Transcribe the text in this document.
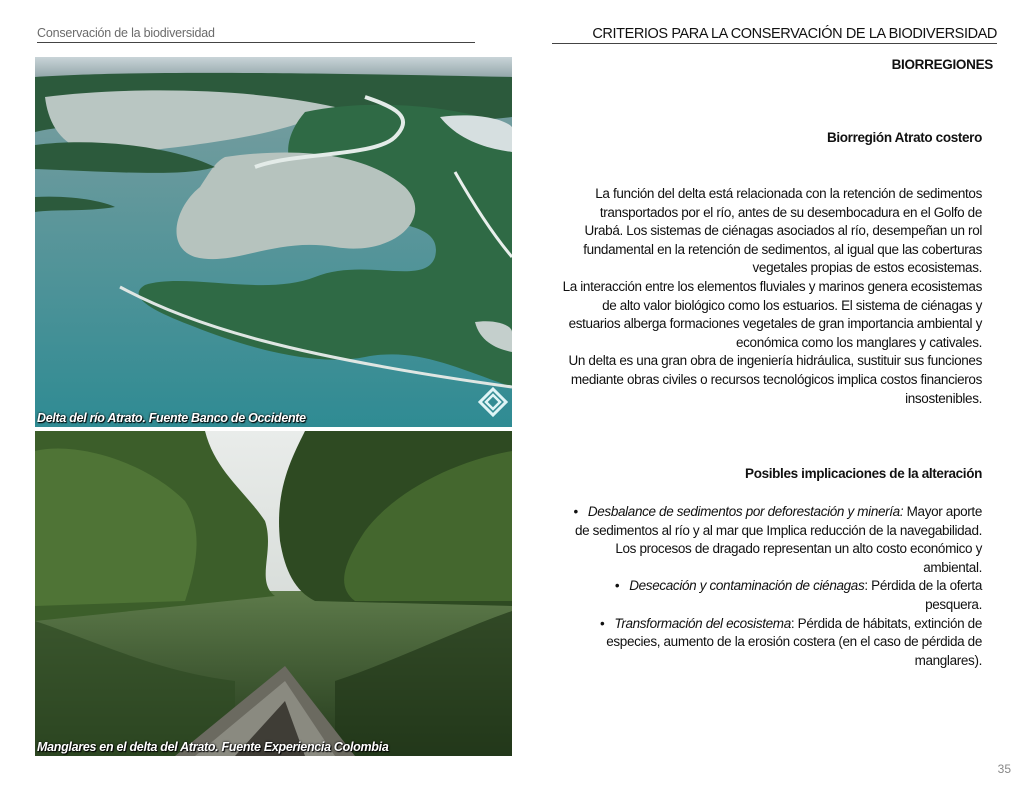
Conservación de la biodiversidad	CRITERIOS PARA LA CONSERVACIÓN DE LA BIODIVERSIDAD
BIORREGIONES
Delta del río Atrato. Fuente Banco de Occidente
Manglares en el delta del Atrato. Fuente Experiencia Colombia
Biorregión Atrato costero
La función del delta está relacionada con la retención de sedimentos transportados por el río, antes de su desembocadura en el Golfo de Urabá. Los sistemas de ciénagas asociados al río, desempeñan un rol fundamental en la retención de sedimentos, al igual que las coberturas vegetales propias de estos ecosistemas.
La interacción entre los elementos fluviales y marinos genera ecosistemas de alto valor biológico como los estuarios. El sistema de ciénagas y estuarios alberga formaciones vegetales de gran importancia ambiental y económica como los manglares y cativales.
Un delta es una gran obra de ingeniería hidráulica, sustituir sus funciones mediante obras civiles o recursos tecnológicos implica costos financieros insostenibles.
Posibles implicaciones de la alteración

• Desbalance de sedimentos por deforestación y minería: Mayor aporte de sedimentos al río y al mar que Implica reducción de la navegabilidad. Los procesos de dragado representan un alto costo económico y ambiental.

• Desecación y contaminación de ciénagas: Pérdida de la oferta pesquera.

• Transformación del ecosistema: Pérdida de hábitats, extinción de especies, aumento de la erosión costera (en el caso de pérdida de manglares).

35
